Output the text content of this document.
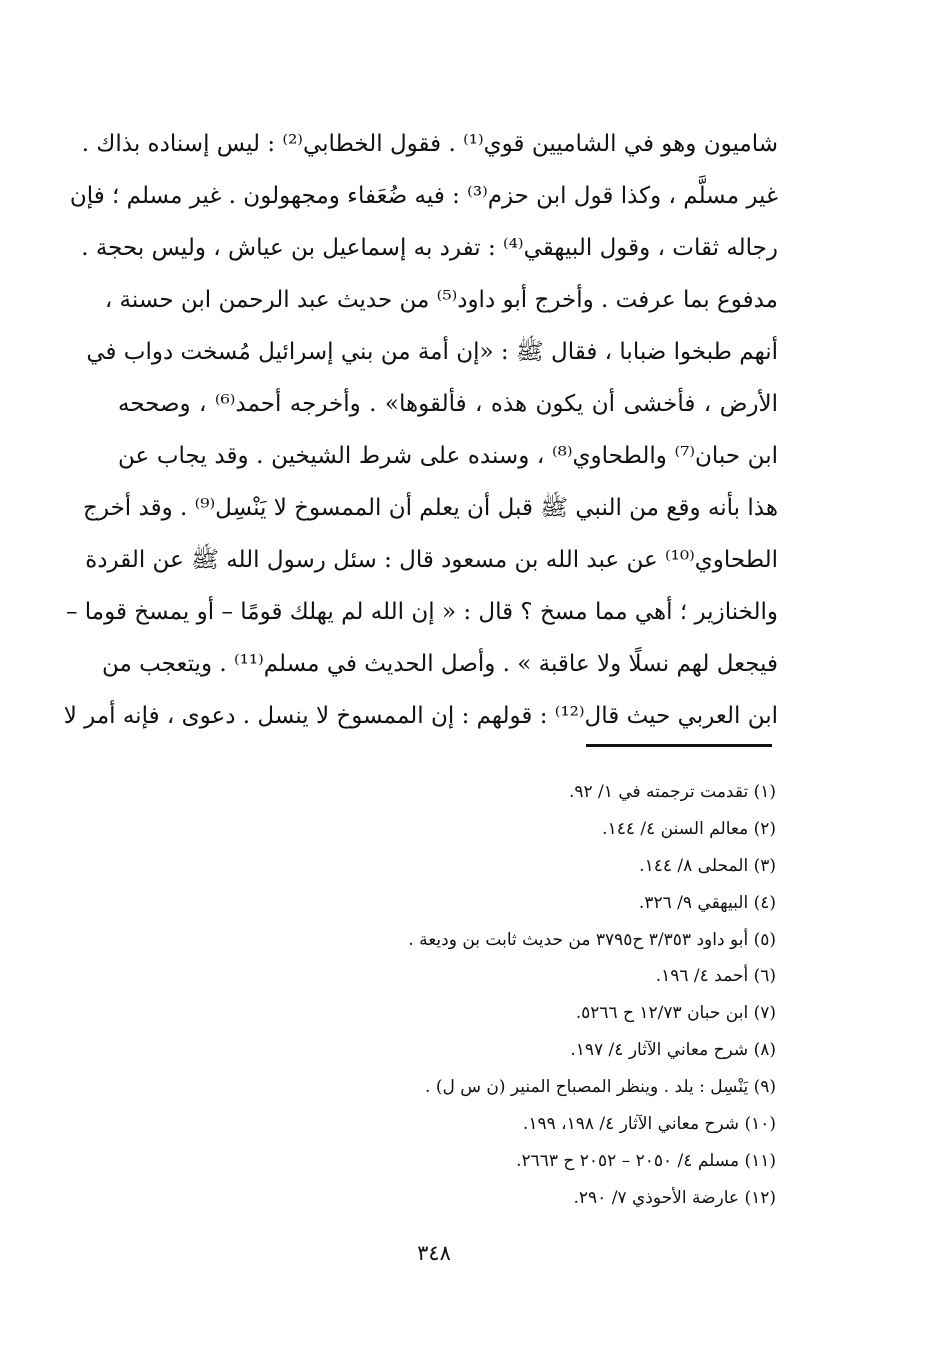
شاميون وهو في الشاميين قوي⁽¹⁾ . فقول الخطابي⁽²⁾ : ليس إسناده بذاك .
غير مسلَّم ، وكذا قول ابن حزم⁽³⁾ : فيه ضُعَفاء ومجهولون . غير مسلم ؛ فإن
رجاله ثقات ، وقول البيهقي⁽⁴⁾ : تفرد به إسماعيل بن عياش ، وليس بحجة .
مدفوع بما عرفت . وأخرج أبو داود⁽⁵⁾ من حديث عبد الرحمن ابن حسنة ،
أنهم طبخوا ضبابا ، فقال ﷺ : «إن أمة من بني إسرائيل مُسخت دواب في
الأرض ، فأخشى أن يكون هذه ، فألقوها» . وأخرجه أحمد⁽⁶⁾ ، وصححه
ابن حبان⁽⁷⁾ والطحاوي⁽⁸⁾ ، وسنده على شرط الشيخين . وقد يجاب عن
هذا بأنه وقع من النبي ﷺ قبل أن يعلم أن الممسوخ لا يَنْسِل⁽⁹⁾ . وقد أخرج
الطحاوي⁽¹⁰⁾ عن عبد الله بن مسعود قال : سئل رسول الله ﷺ عن القردة
والخنازير ؛ أهي مما مسخ ؟ قال : « إن الله لم يهلك قومًا – أو يمسخ قوما –
فيجعل لهم نسلًا ولا عاقبة » . وأصل الحديث في مسلم⁽¹¹⁾ . ويتعجب من
ابن العربي حيث قال⁽¹²⁾ : قولهم : إن الممسوخ لا ينسل . دعوى ، فإنه أمر لا
(١) تقدمت ترجمته في ١/ ٩٢.
(٢) معالم السنن ٤/ ١٤٤.
(٣) المحلى ٨/ ١٤٤.
(٤) البيهقي ٩/ ٣٢٦.
(٥) أبو داود ٣/٣٥٣ ح٣٧٩٥ من حديث ثابت بن وديعة .
(٦) أحمد ٤/ ١٩٦.
(٧) ابن حبان ١٢/٧٣ ح ٥٢٦٦.
(٨) شرح معاني الآثار ٤/ ١٩٧.
(٩) يَنْسِل : يلد . وينظر المصباح المنير (ن س ل) .
(١٠) شرح معاني الآثار ٤/ ١٩٨، ١٩٩.
(١١) مسلم ٤/ ٢٠٥٠ – ٢٠٥٢ ح ٢٦٦٣.
(١٢) عارضة الأحوذي ٧/ ٢٩٠.
٣٤٨
